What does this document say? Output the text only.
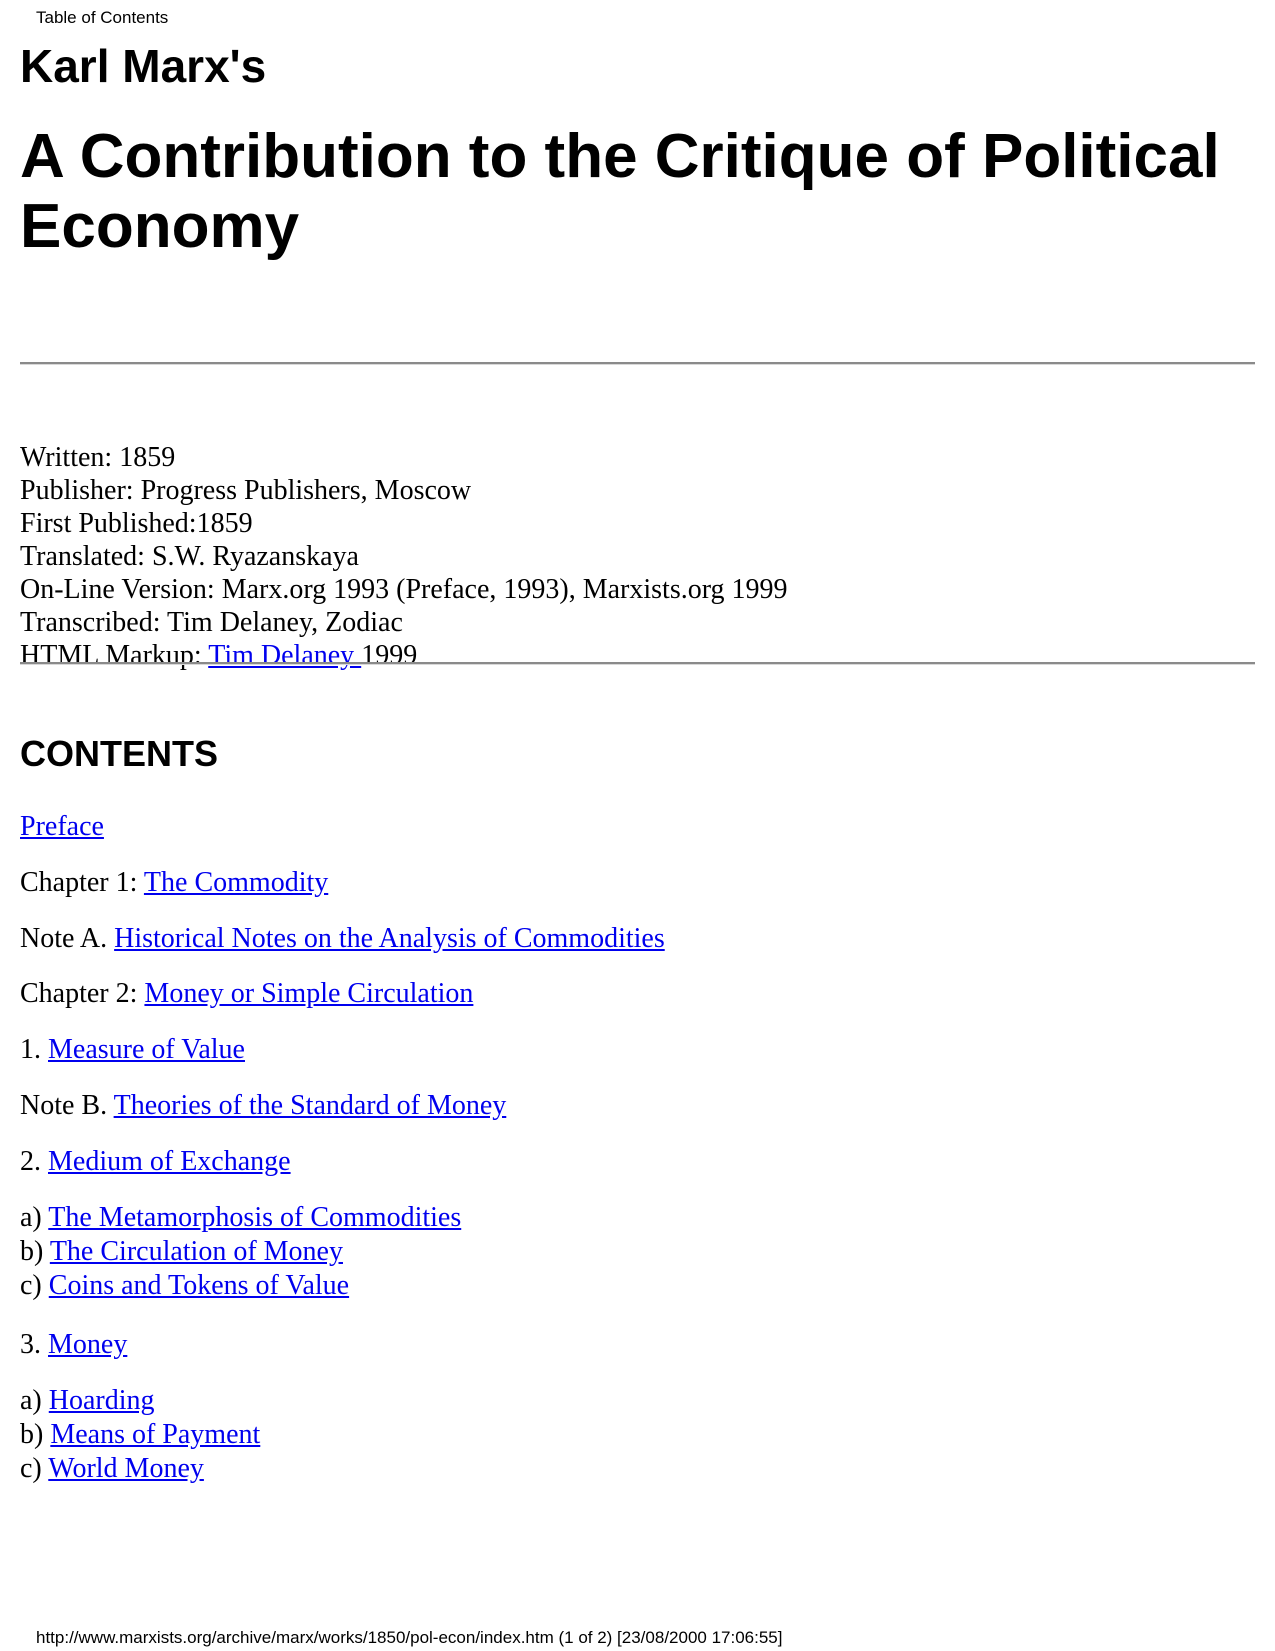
Table of Contents
Karl Marx's
A Contribution to the Critique of Political Economy
Written: 1859
Publisher: Progress Publishers, Moscow
First Published:1859
Translated: S.W. Ryazanskaya
On-Line Version: Marx.org 1993 (Preface, 1993), Marxists.org 1999
Transcribed: Tim Delaney, Zodiac
HTML Markup: Tim Delaney 1999
CONTENTS
Preface
Chapter 1: The Commodity
Note A. Historical Notes on the Analysis of Commodities
Chapter 2: Money or Simple Circulation
1. Measure of Value
Note B. Theories of the Standard of Money
2. Medium of Exchange
a) The Metamorphosis of Commodities
b) The Circulation of Money
c) Coins and Tokens of Value
3. Money
a) Hoarding
b) Means of Payment
c) World Money
http://www.marxists.org/archive/marx/works/1850/pol-econ/index.htm (1 of 2) [23/08/2000 17:06:55]
